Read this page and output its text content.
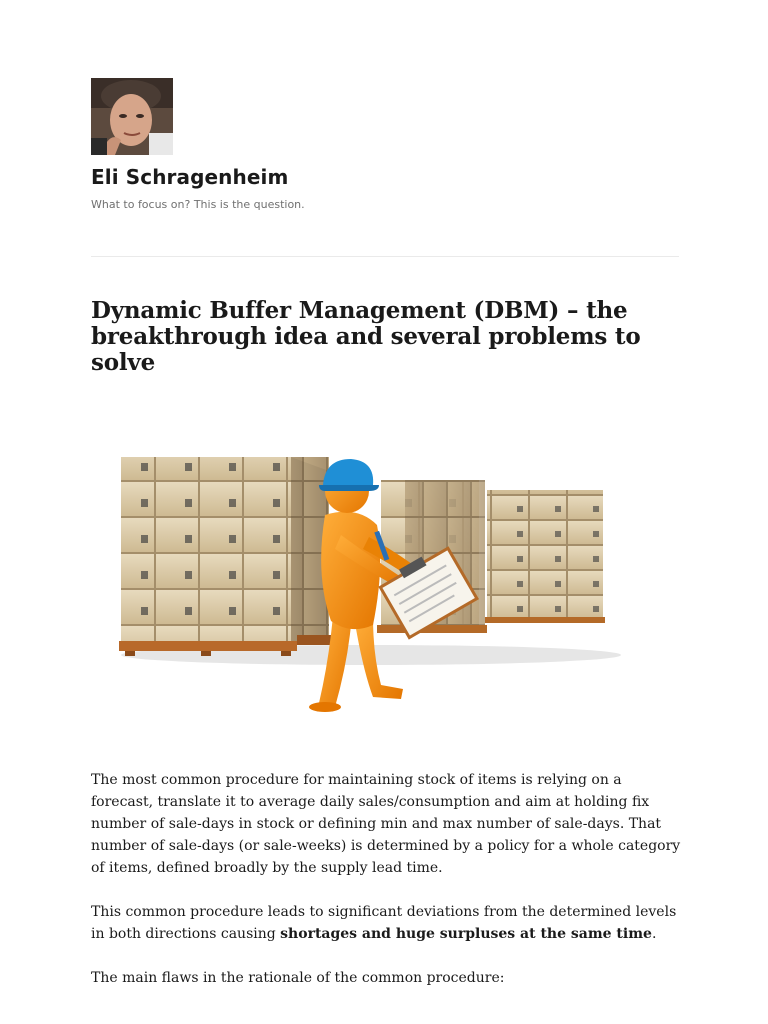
Eli Schragenheim
What to focus on? This is the question.
Dynamic Buffer Management (DBM) – the breakthrough idea and several problems to solve

The most common procedure for maintaining stock of items is relying on a forecast, translate it to average daily sales/consumption and aim at holding fix number of sale-days in stock or defining min and max number of sale-days. That number of sale-days (or sale-weeks) is determined by a policy for a whole category of items, defined broadly by the supply lead time.

This common procedure leads to significant deviations from the determined levels in both directions causing shortages and huge surpluses at the same time.

The main flaws in the rationale of the common procedure:
